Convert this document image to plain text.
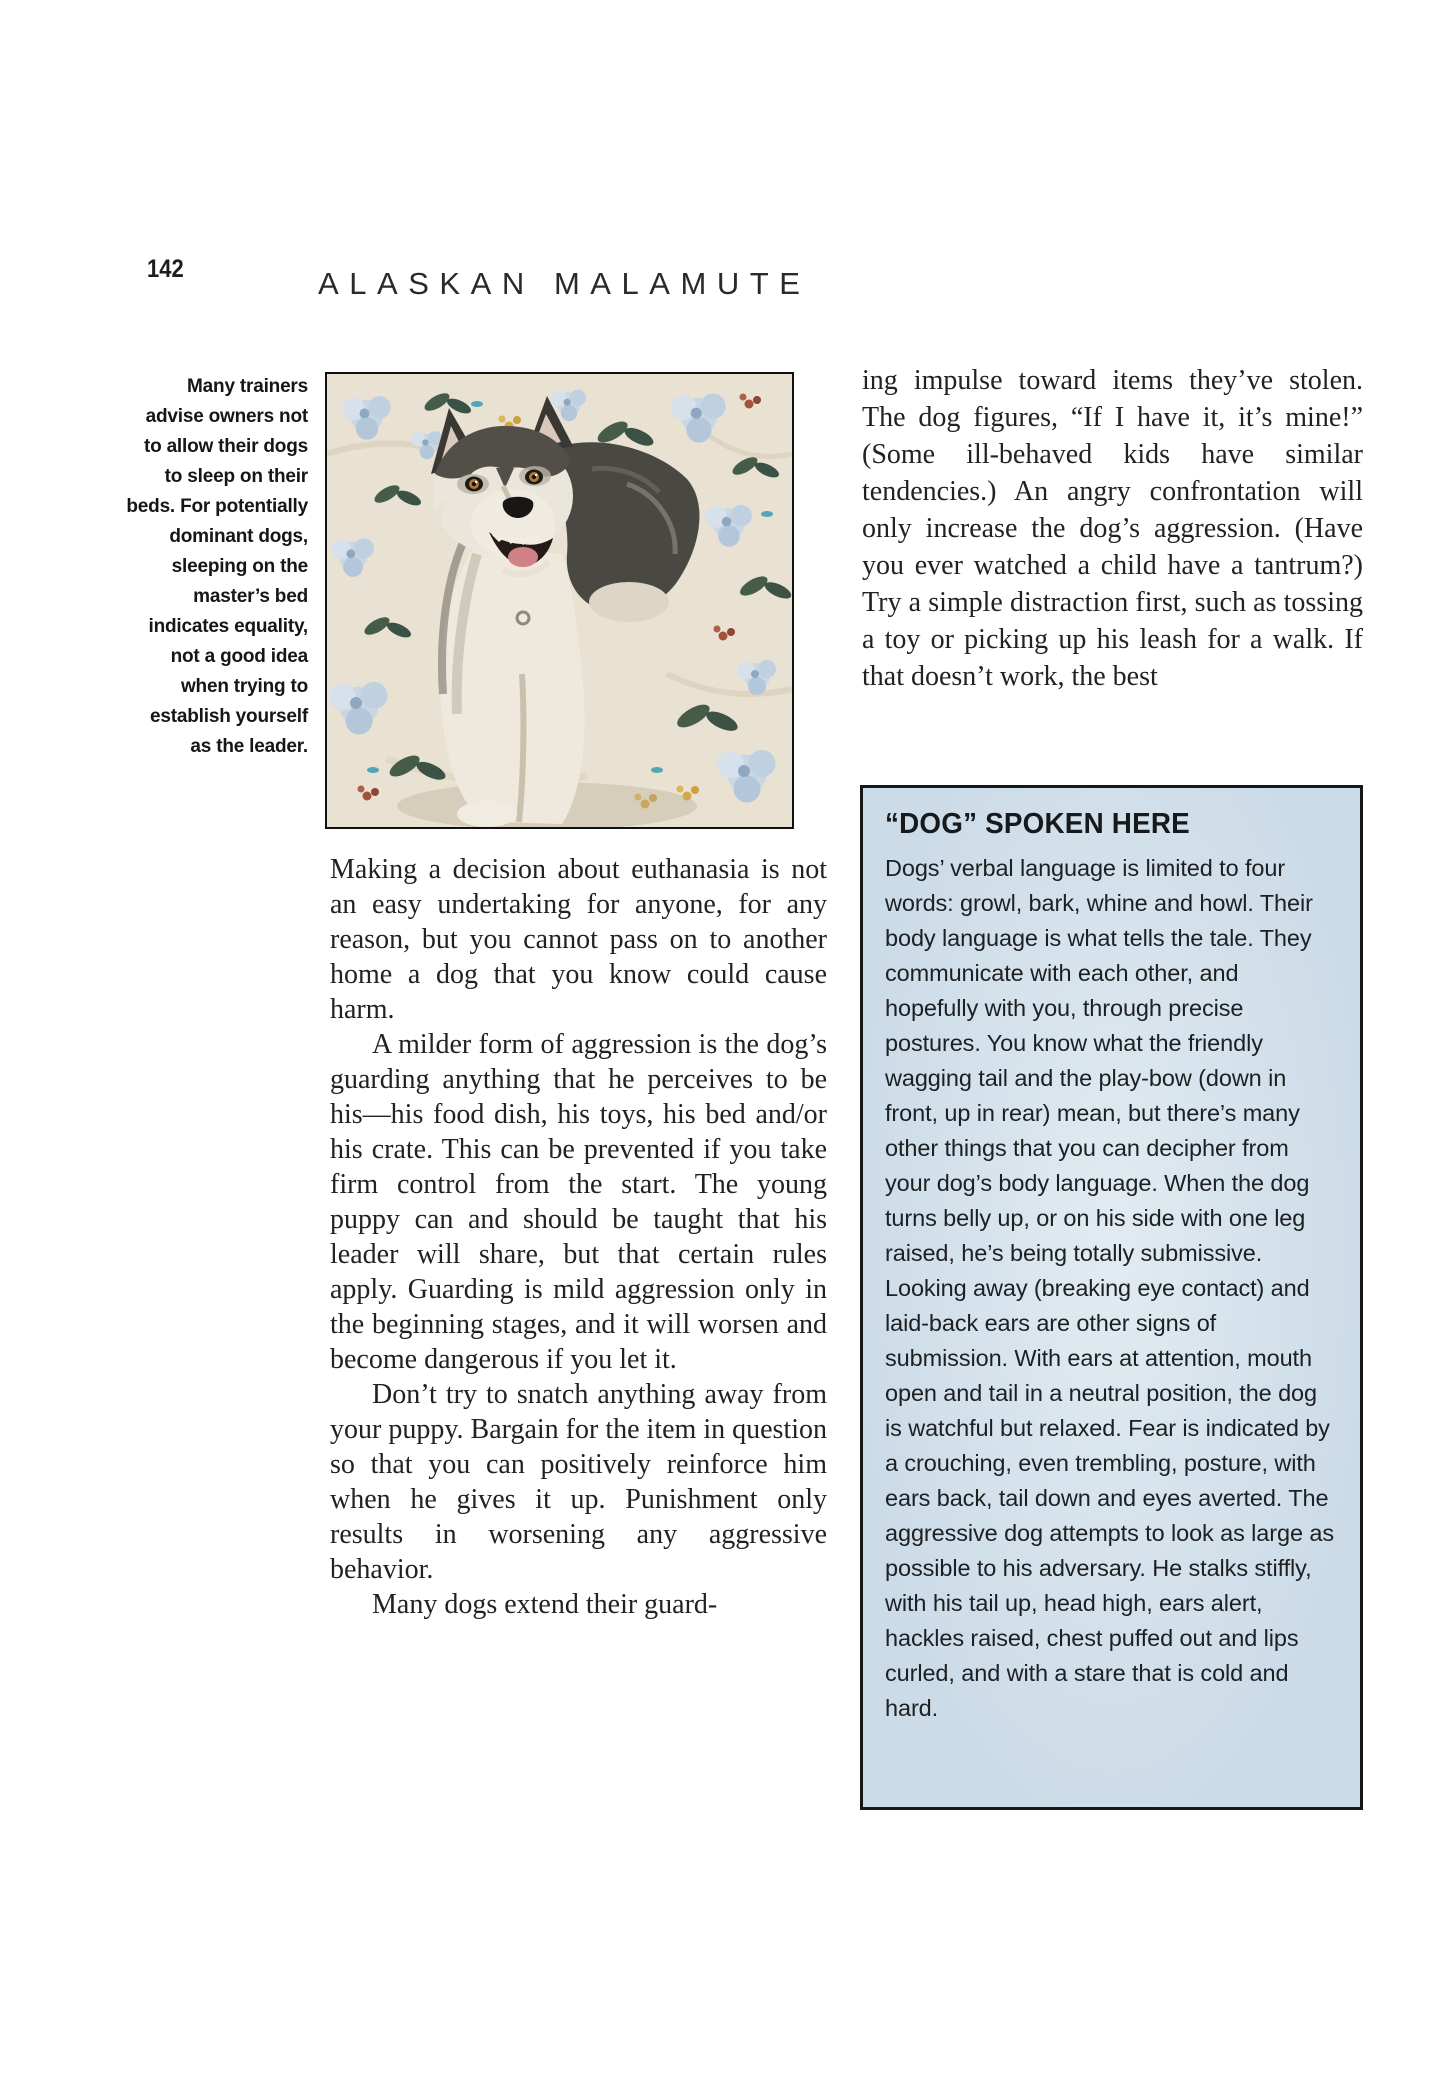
142	ALASKAN MALAMUTE
Many trainers advise owners not to allow their dogs to sleep on their beds. For potentially dominant dogs, sleeping on the master’s bed indicates equality, not a good idea when trying to establish yourself as the leader.

ing impulse toward items they’ve stolen. The dog figures, “If I have it, it’s mine!” (Some ill-behaved kids have similar tendencies.) An angry confrontation will only increase the dog’s aggression. (Have you ever watched a child have a tantrum?) Try a simple distraction first, such as tossing a toy or picking up his leash for a walk. If that doesn’t work, the best

Making a decision about euthanasia is not an easy undertaking for anyone, for any reason, but you cannot pass on to another home a dog that you know could cause harm.

A milder form of aggression is the dog’s guarding anything that he perceives to be his—his food dish, his toys, his bed and/or his crate. This can be prevented if you take firm control from the start. The young puppy can and should be taught that his leader will share, but that certain rules apply. Guarding is mild aggression only in the beginning stages, and it will worsen and become dangerous if you let it.

Don’t try to snatch anything away from your puppy. Bargain for the item in question so that you can positively reinforce him when he gives it up. Punishment only results in worsening any aggressive behavior.

Many dogs extend their guard-

“DOG” SPOKEN HERE
Dogs’ verbal language is limited to four words: growl, bark, whine and howl. Their body language is what tells the tale. They communicate with each other, and hopefully with you, through precise postures. You know what the friendly wagging tail and the play-bow (down in front, up in rear) mean, but there’s many other things that you can decipher from your dog’s body language. When the dog turns belly up, or on his side with one leg raised, he’s being totally submissive. Looking away (breaking eye contact) and laid-back ears are other signs of submission. With ears at attention, mouth open and tail in a neutral position, the dog is watchful but relaxed. Fear is indicated by a crouching, even trembling, posture, with ears back, tail down and eyes averted. The aggressive dog attempts to look as large as possible to his adversary. He stalks stiffly, with his tail up, head high, ears alert, hackles raised, chest puffed out and lips curled, and with a stare that is cold and hard.
